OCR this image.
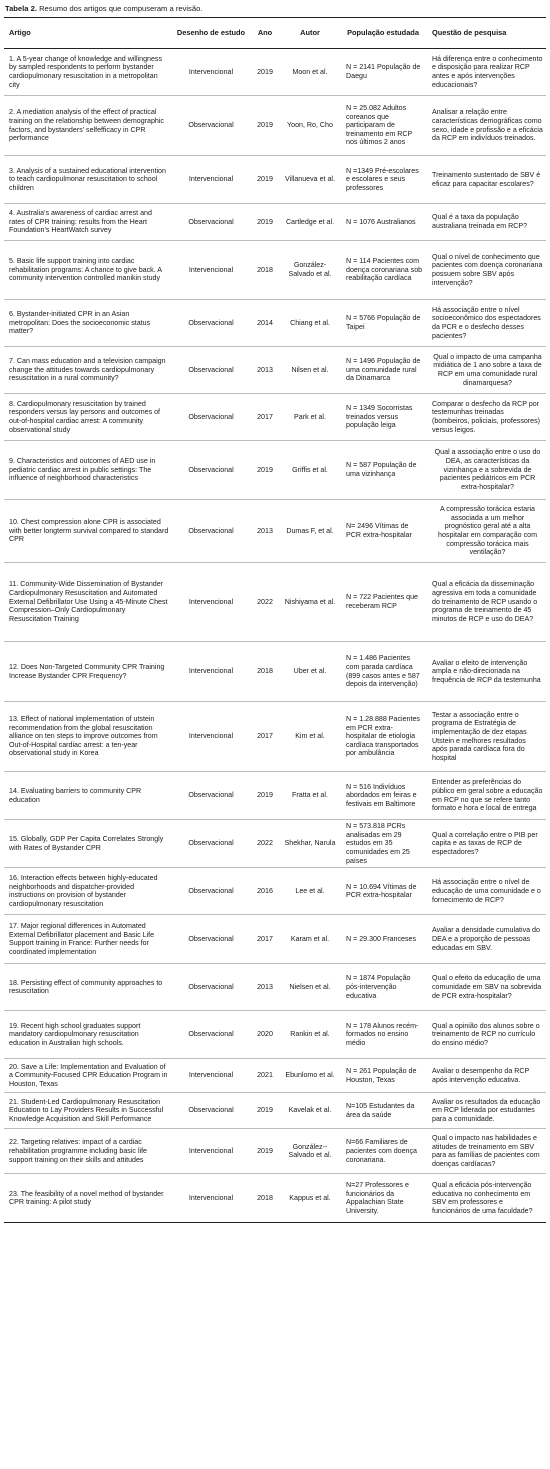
Tabela 2. Resumo dos artigos que compuseram a revisão.
Artigo	Desenho de estudo	Ano	Autor	População estudada	Questão de pesquisa
1. A 5-year change of knowledge and willingness by sampled respondents to perform bystander cardiopulmonary resuscitation in a metropolitan city	Intervencional	2019	Moon et al.	N = 2141 População de Daegu	Há diferença entre o conhecimento e disposição para realizar RCP antes e após intervenções educacionais?
2. A mediation analysis of the effect of practical training on the relationship between demographic factors, and bystanders' selfefficacy in CPR performance	Observacional	2019	Yoon, Ro, Cho	N = 25.082 Adultos coreanos que participaram de treinamento em RCP nos últimos 2 anos	Analisar a relação entre características demográficas como sexo, idade e profissão e a eficácia da RCP em indivíduos treinados.
3. Analysis of a sustained educational intervention to teach cardiopulmonar resuscitation to school children	Intervencional	2019	Villanueva et al.	N =1349 Pré-escolares e escolares e seus professores	Treinamento sustentado de SBV é eficaz para capacitar escolares?
4. Australia's awareness of cardiac arrest and rates of CPR training: results from the Heart Foundation's HeartWatch survey	Observacional	2019	Cartledge et al.	N = 1076 Australianos	Qual é a taxa da população australiana treinada em RCP?
5. Basic life support training into cardiac rehabilitation programs: A chance to give back. A community intervention controlled manikin study	Intervencional	2018	González-Salvado et al.	N = 114 Pacientes com doença coronariana sob reabilitação cardíaca	Qual o nível de conhecimento que pacientes com doença coronariana possuem sobre SBV após intervenção?
6. Bystander-initiated CPR in an Asian metropolitan: Does the socioeconomic status matter?	Observacional	2014	Chiang et al.	N = 5766 População de Taipei	Há associação entre o nível socioeconômico dos espectadores da PCR e o desfecho desses pacientes?
7. Can mass education and a television campaign change the attitudes towards cardiopulmonary resuscitation in a rural community?	Observacional	2013	Nilsen et al.	N = 1496 População de uma comunidade rural da Dinamarca	Qual o impacto de uma campanha midiática de 1 ano sobre a taxa de RCP em uma comunidade rural dinamarquesa?
8. Cardiopulmonary resuscitation by trained responders versus lay persons and outcomes of out-of-hospital cardiac arrest: A community observational study	Observacional	2017	Park et al.	N = 1349 Socorristas treinados versus população leiga	Comparar o desfecho da RCP por testemunhas treinadas (bombeiros, policiais, professores) versus leigos.
9. Characteristics and outcomes of AED use in pediatric cardiac arrest in public settings: The influence of neighborhood characteristics	Observacional	2019	Griffis et al.	N = 587 População de uma vizinhança	Qual a associação entre o uso do DEA, as características da vizinhança e a sobrevida de pacientes pediátricos em PCR extra-hospitalar?
10. Chest compression alone CPR is associated with better longterm survival compared to standard CPR	Observacional	2013	Dumas F, et al.	N= 2496 Vítimas de PCR extra-hospitalar	A compressão torácica estaria associada a um melhor prognóstico geral até a alta hospitalar em comparação com compressão torácica mais ventilação?
11. Community-Wide Dissemination of Bystander Cardiopulmonary Resuscitation and Automated External Defibrillator Use Using a 45-Minute Chest Compression–Only Cardiopulmonary Resuscitation Training	Intervencional	2022	Nishiyama et al.	N = 722 Pacientes que receberam RCP	Qual a eficácia da disseminação agressiva em toda a comunidade do treinamento de RCP usando o programa de treinamento de 45 minutos de RCP e uso do DEA?
12. Does Non-Targeted Community CPR Training Increase Bystander CPR Frequency?	Intervencional	2018	Uber et al.	N = 1.486 Pacientes com parada cardíaca (899 casos antes e 587 depois da intervenção)	Avaliar o efeito de intervenção ampla e não-direcionada na frequência de RCP da testemunha
13. Effect of national implementation of utstein recommendation from the global resuscitation alliance on ten steps to improve outcomes from Out-of-Hospital cardiac arrest: a ten-year observational study in Korea	Intervencional	2017	Kim et al.	N = 1.28.888 Pacientes em PCR extra-hospitalar de etiologia cardíaca transportados por ambulância	Testar a associação entre o programa de Estratégia de implementação de dez etapas Utstein e melhores resultados após parada cardíaca fora do hospital
14. Evaluating barriers to community CPR education	Observacional	2019	Fratta et al.	N = 516 Indivíduos abordados em feiras e festivais em Baltimore	Entender as preferências do público em geral sobre a educação em RCP no que se refere tanto formato e hora e local de entrega
15. Globally, GDP Per Capita Correlates Strongly with Rates of Bystander CPR	Observacional	2022	Shekhar, Narula	N = 573.818 PCRs analisadas em 29 estudos em 35 comunidades em 25 países	Qual a correlação entre o PIB per capita e as taxas de RCP de espectadores?
16. Interaction effects between highly-educated neighborhoods and dispatcher-provided instructions on provision of bystander cardiopulmonary resuscitation	Observacional	2016	Lee et al.	N = 10.694 Vítimas de PCR extra-hospitalar	Há associação entre o nível de educação de uma comunidade e o fornecimento de RCP?
17. Major regional differences in Automated External Defibrillator placement and Basic Life Support training in France: Further needs for coordinated implementation	Observacional	2017	Karam et al.	N = 29.300 Franceses	Avaliar a densidade cumulativa do DEA e a proporção de pessoas educadas em SBV.
18. Persisting effect of community approaches to resuscitation	Observacional	2013	Nielsen et al.	N = 1874 População pós-intervenção educativa	Qual o efeito da educação de uma comunidade em SBV na sobrevida de PCR extra-hospitalar?
19. Recent high school graduates support mandatory cardiopulmonary resuscitation education in Australian high schools.	Observacional	2020	Rankin et al.	N = 178 Alunos recém-formados no ensino médio	Qual a opinião dos alunos sobre o treinamento de RCP no currículo do ensino médio?
20. Save a Life: Implementation and Evaluation of a Community-Focused CPR Education Program in Houston, Texas	Intervencional	2021	Ebunlomo et al.	N = 261 População de Houston, Texas	Avaliar o desempenho da RCP após intervenção educativa.
21. Student-Led Cardiopulmonary Resuscitation Education to Lay Providers Results in Successful Knowledge Acquisition and Skill Performance	Observacional	2019	Kavelak et al.	N=105 Estudantes da área da saúde	Avaliar os resultados da educação em RCP liderada por estudantes para a comunidade.
22. Targeting relatives: impact of a cardiac rehabilitation programme including basic life support training on their skills and attitudes	Intervencional	2019	González--Salvado et al.	N=66 Familiares de pacientes com doença coronariana.	Qual o impacto nas habilidades e atitudes de treinamento em SBV para as famílias de pacientes com doenças cardíacas?
23. The feasibility of a novel method of bystander CPR training: A pilot study	Intervencional	2018	Kappus et al.	N=27 Professores e funcionários da Appalachian State University.	Qual a eficácia pós-intervenção educativa no conhecimento em SBV em professores e funcionários de uma faculdade?
